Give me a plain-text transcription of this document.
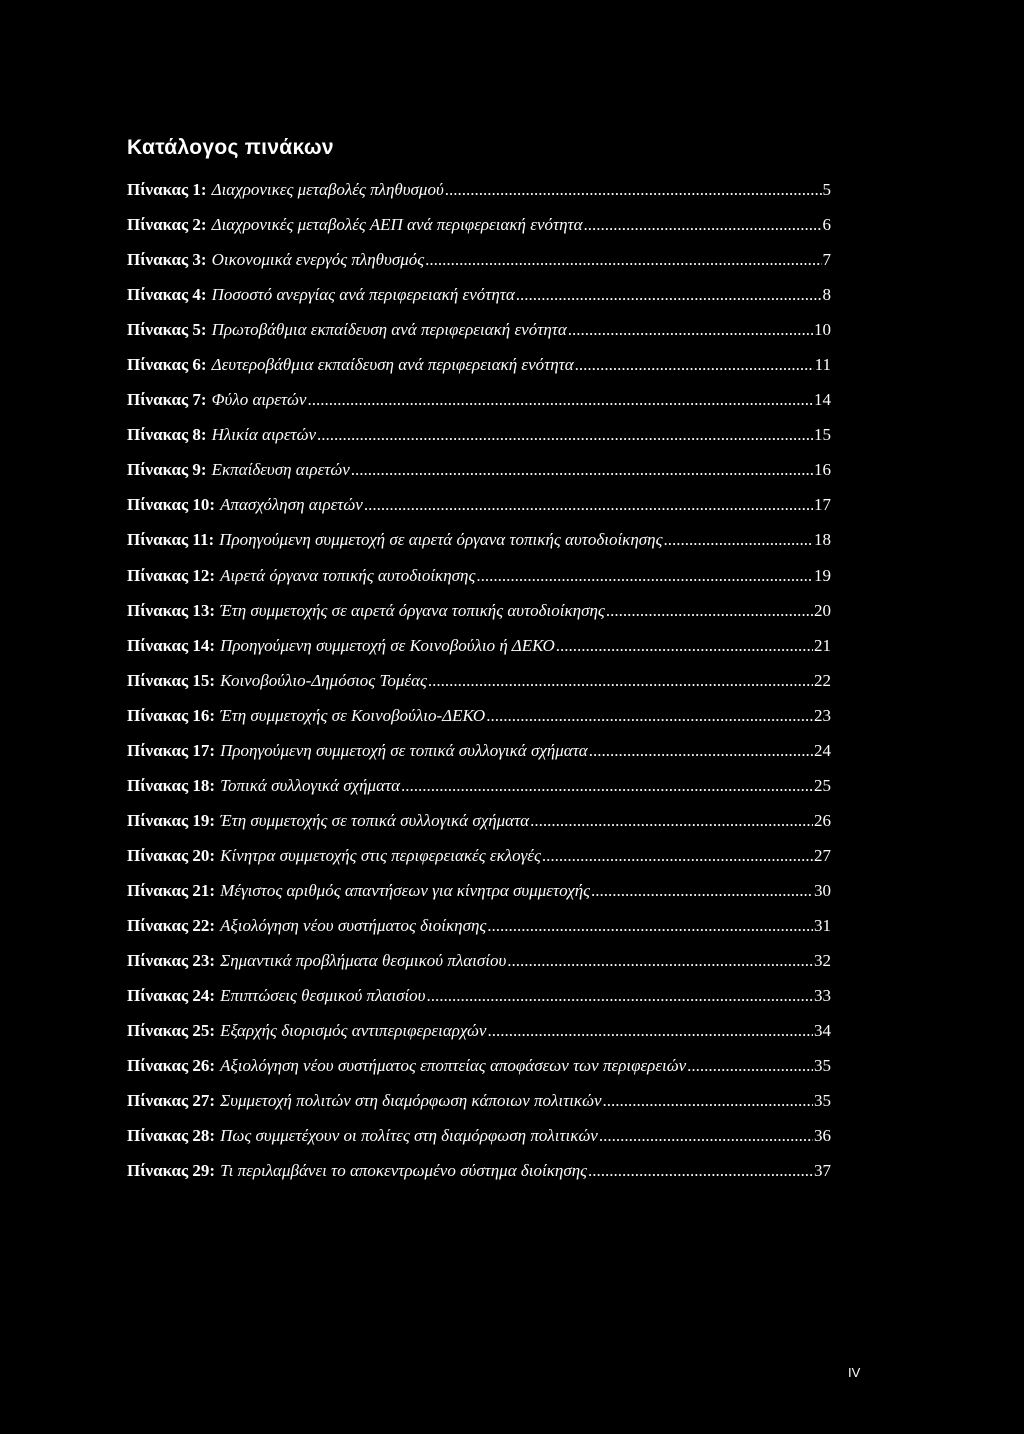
Κατάλογος πινάκων
Πίνακας 1: Διαχρονικες μεταβολές πληθυσμού .....	5
Πίνακας 2: Διαχρονικές μεταβολές ΑΕΠ ανά περιφερειακή ενότητα .....	6
Πίνακας 3: Οικονομικά ενεργός πληθυσμός .....	7
Πίνακας 4: Ποσοστό ανεργίας ανά περιφερειακή ενότητα .....	8
Πίνακας 5: Πρωτοβάθμια εκπαίδευση ανά περιφερειακή ενότητα .....	10
Πίνακας 6: Δευτεροβάθμια εκπαίδευση ανά περιφερειακή ενότητα .....	11
Πίνακας 7: Φύλο αιρετών .....	14
Πίνακας 8: Ηλικία αιρετών .....	15
Πίνακας 9: Εκπαίδευση αιρετών .....	16
Πίνακας 10: Απασχόληση αιρετών .....	17
Πίνακας 11: Προηγούμενη συμμετοχή σε αιρετά όργανα τοπικής αυτοδιοίκησης .....	18
Πίνακας 12: Αιρετά όργανα τοπικής αυτοδιοίκησης .....	19
Πίνακας 13: Έτη συμμετοχής σε αιρετά όργανα τοπικής αυτοδιοίκησης .....	20
Πίνακας 14: Προηγούμενη συμμετοχή σε Κοινοβούλιο ή ΔΕΚΟ .....	21
Πίνακας 15: Κοινοβούλιο-Δημόσιος Τομέας .....	22
Πίνακας 16: Έτη συμμετοχής σε Κοινοβούλιο-ΔΕΚΟ .....	23
Πίνακας 17: Προηγούμενη συμμετοχή σε τοπικά συλλογικά σχήματα .....	24
Πίνακας 18: Τοπικά συλλογικά σχήματα .....	25
Πίνακας 19: Έτη συμμετοχής σε τοπικά συλλογικά σχήματα .....	26
Πίνακας 20: Κίνητρα συμμετοχής στις περιφερειακές εκλογές .....	27
Πίνακας 21: Μέγιστος αριθμός απαντήσεων για κίνητρα συμμετοχής .....	30
Πίνακας 22: Αξιολόγηση νέου συστήματος διοίκησης .....	31
Πίνακας 23: Σημαντικά προβλήματα θεσμικού πλαισίου .....	32
Πίνακας 24: Επιπτώσεις θεσμικού πλαισίου .....	33
Πίνακας 25: Εξαρχής διορισμός αντιπεριφερειαρχών .....	34
Πίνακας 26: Αξιολόγηση νέου συστήματος εποπτείας αποφάσεων των περιφερειών .....	35
Πίνακας 27: Συμμετοχή πολιτών στη διαμόρφωση κάποιων πολιτικών .....	35
Πίνακας 28: Πως συμμετέχουν οι πολίτες στη διαμόρφωση πολιτικών .....	36
Πίνακας 29: Τι περιλαμβάνει το αποκεντρωμένο σύστημα διοίκησης .....	37
IV
